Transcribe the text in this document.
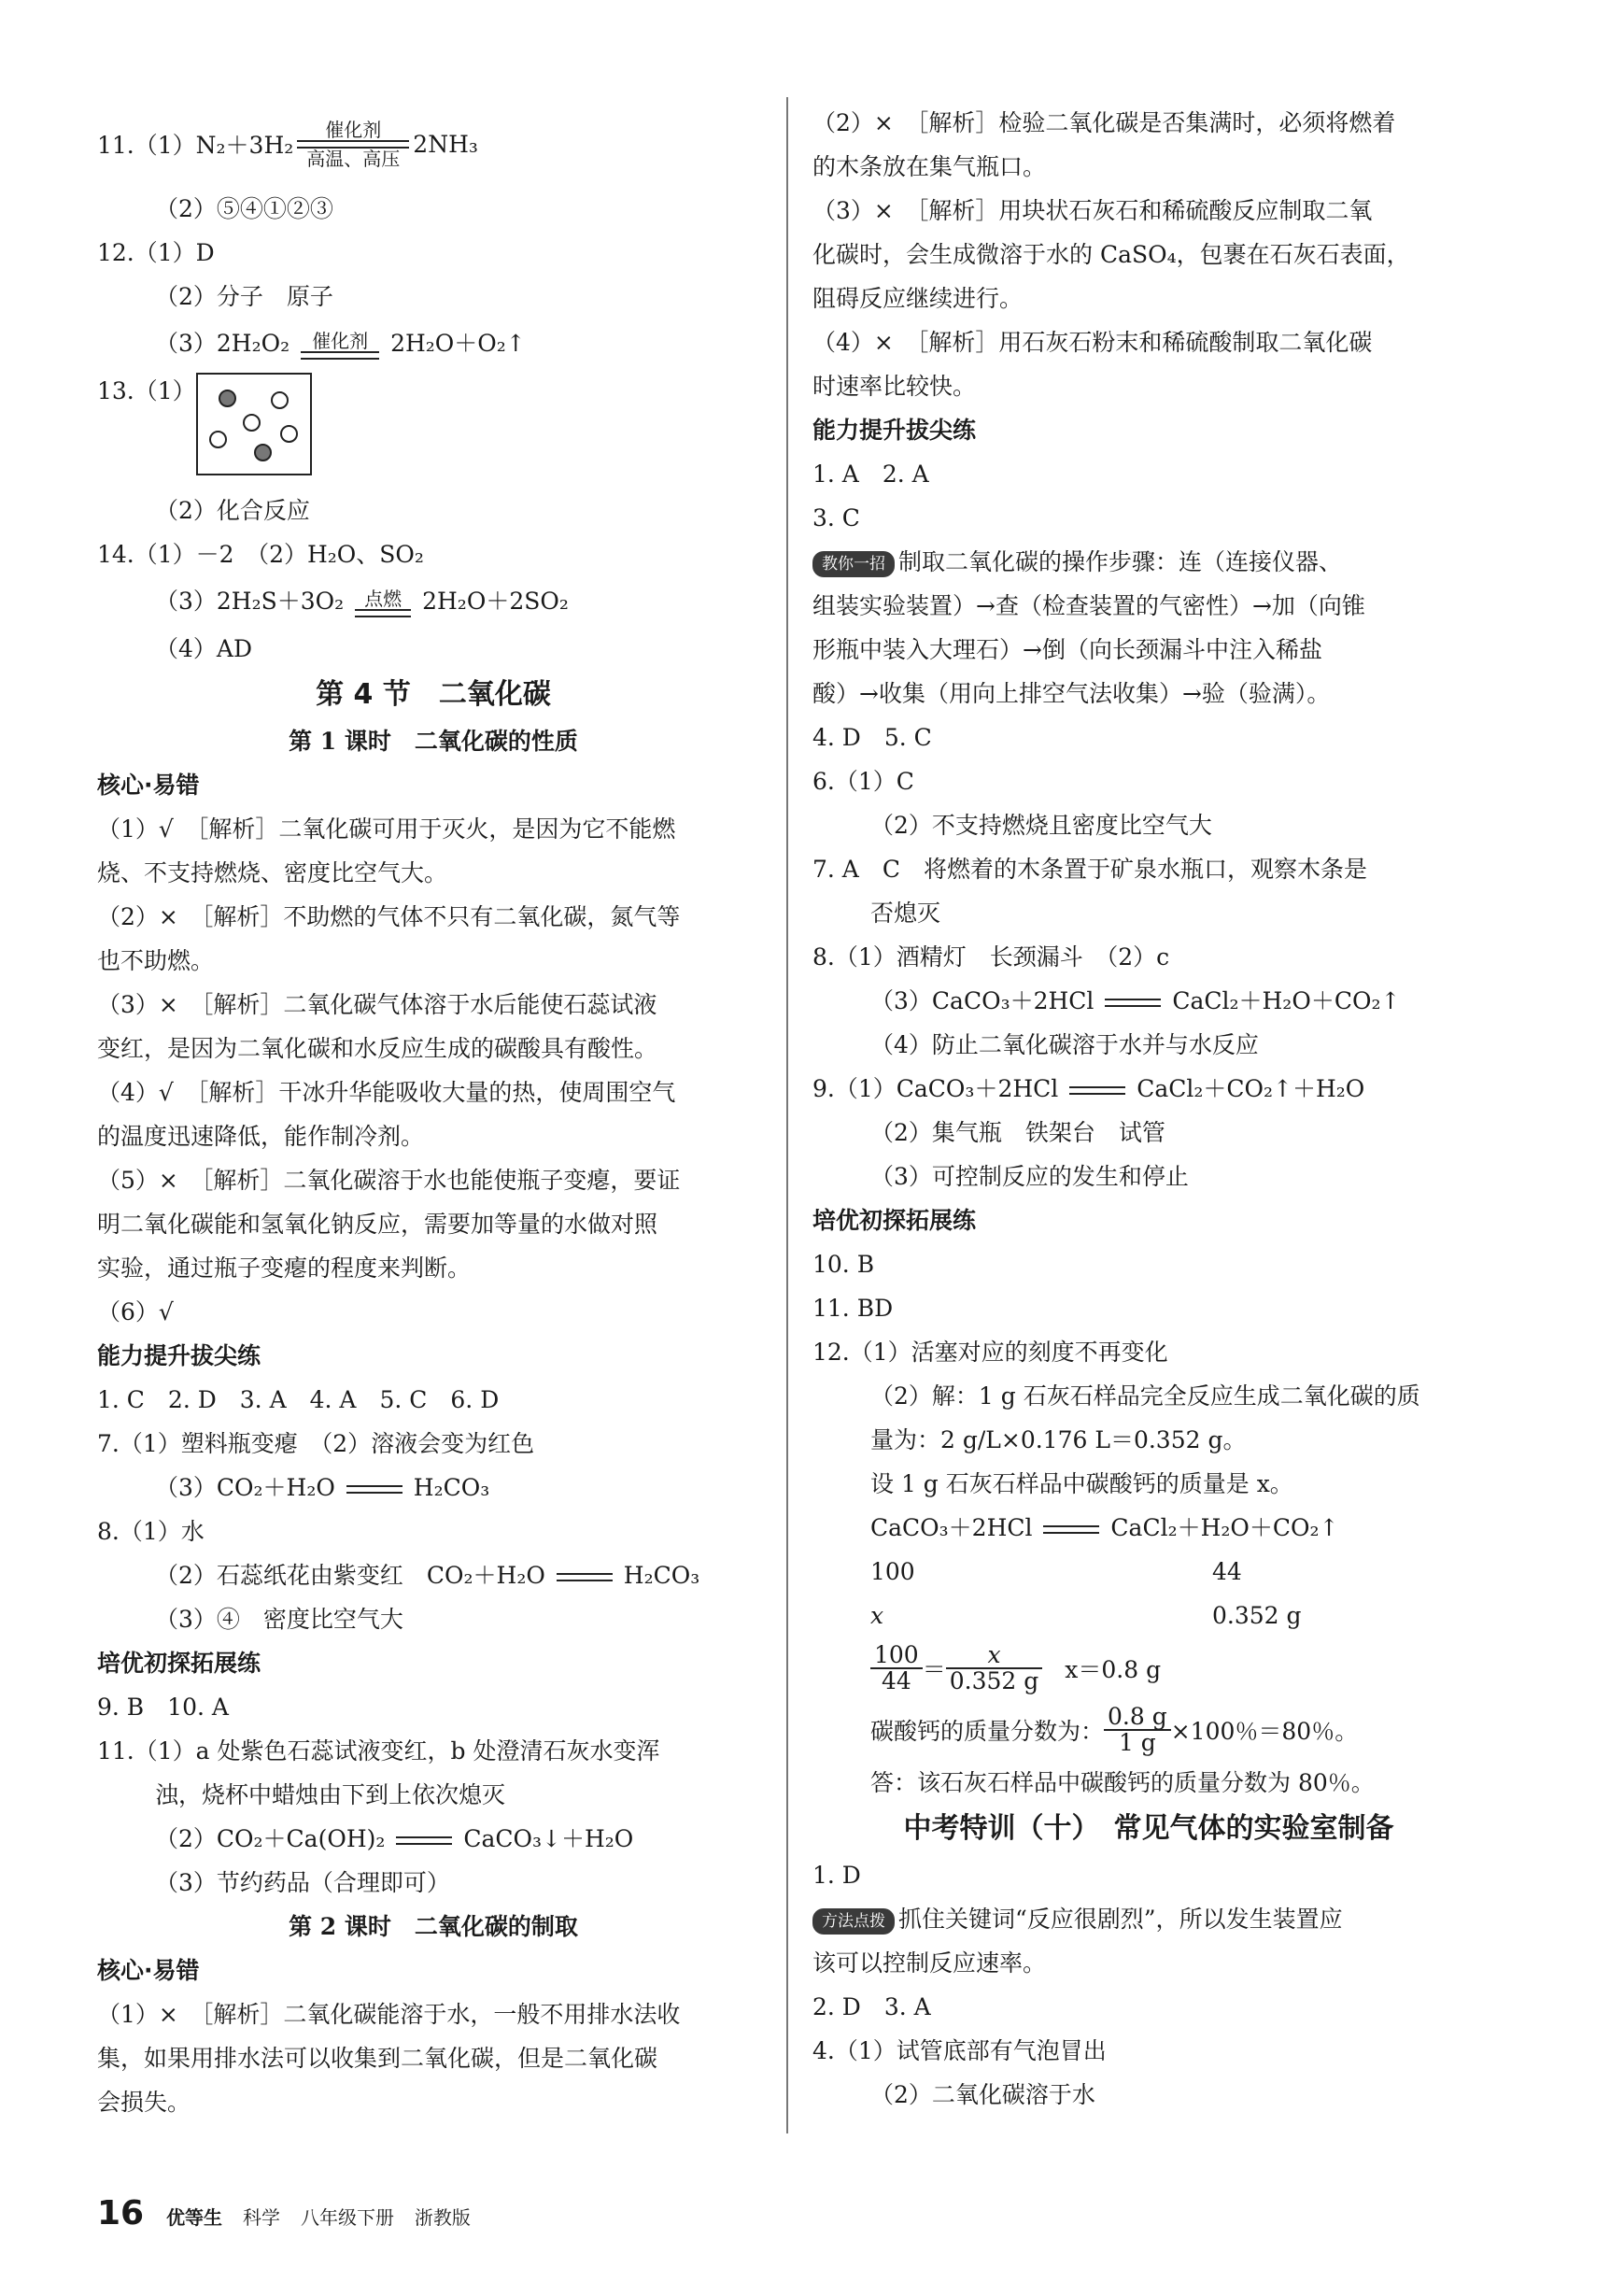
11.（1）N₂＋3H₂
催化剂
高温、高压
2NH₃
（2）⑤④①②③
12.（1）D
（2）分子　原子
（3）2H₂O₂	催化剂 2H₂O＋O₂↑
13.（1）
（2）化合反应
14.（1）－2　（2）H₂O、SO₂
（3）2H₂S＋3O₂	点燃 2H₂O＋2SO₂
（4）AD
第 4 节　二氧化碳
第 1 课时　二氧化碳的性质
核心·易错
（1）√　［解析］二氧化碳可用于灭火，是因为它不能燃
烧、不支持燃烧、密度比空气大。
（2）×　［解析］不助燃的气体不只有二氧化碳，氮气等
也不助燃。
（3）×　［解析］二氧化碳气体溶于水后能使石蕊试液
变红，是因为二氧化碳和水反应生成的碳酸具有酸性。
（4）√　［解析］干冰升华能吸收大量的热，使周围空气
的温度迅速降低，能作制冷剂。
（5）×　［解析］二氧化碳溶于水也能使瓶子变瘪，要证
明二氧化碳能和氢氧化钠反应，需要加等量的水做对照
实验，通过瓶子变瘪的程度来判断。
（6）√
能力提升拔尖练
1. C　2. D　3. A　4. A　5. C　6. D
7.（1）塑料瓶变瘪　（2）溶液会变为红色
（3）CO₂＋H₂O	H₂CO₃
8.（1）水
（2）石蕊纸花由紫变红　CO₂＋H₂O	H₂CO₃
（3）④　密度比空气大
培优初探拓展练
9. B　10. A
11.（1）a 处紫色石蕊试液变红，b 处澄清石灰水变浑
浊，烧杯中蜡烛由下到上依次熄灭
（2）CO₂＋Ca(OH)₂	CaCO₃↓＋H₂O
（3）节约药品（合理即可）
第 2 课时　二氧化碳的制取
核心·易错
（1）×　［解析］二氧化碳能溶于水，一般不用排水法收
集，如果用排水法可以收集到二氧化碳，但是二氧化碳
会损失。
（2）×　［解析］检验二氧化碳是否集满时，必须将燃着
的木条放在集气瓶口。
（3）×　［解析］用块状石灰石和稀硫酸反应制取二氧
化碳时，会生成微溶于水的 CaSO₄，包裹在石灰石表面，
阻碍反应继续进行。
（4）×　［解析］用石灰石粉末和稀硫酸制取二氧化碳
时速率比较快。
能力提升拔尖练
1. A　2. A
3. C
教你一招 制取二氧化碳的操作步骤：连（连接仪器、
组装实验装置）→查（检查装置的气密性）→加（向锥
形瓶中装入大理石）→倒（向长颈漏斗中注入稀盐
酸）→收集（用向上排空气法收集）→验（验满）。
4. D　5. C
6.（1）C
（2）不支持燃烧且密度比空气大
7. A　C　将燃着的木条置于矿泉水瓶口，观察木条是
否熄灭
8.（1）酒精灯　长颈漏斗　（2）c
（3）CaCO₃＋2HCl	CaCl₂＋H₂O＋CO₂↑
（4）防止二氧化碳溶于水并与水反应
9.（1）CaCO₃＋2HCl	CaCl₂＋CO₂↑＋H₂O
（2）集气瓶　铁架台　试管
（3）可控制反应的发生和停止
培优初探拓展练
10. B
11. BD
12.（1）活塞对应的刻度不再变化
（2）解：1 g 石灰石样品完全反应生成二氧化碳的质
量为：2 g/L×0.176 L＝0.352 g。
设 1 g 石灰石样品中碳酸钙的质量是 x。
CaCO₃＋2HCl	CaCl₂＋H₂O＋CO₂↑
100	44
x	0.352 g
$\frac{100}{44} = \frac{x}{0.352 g} x=0.8$ g
碳酸钙的质量分数为： $\frac{0.8 g}{1 g} \times 100$％＝80％。
答：该石灰石样品中碳酸钙的质量分数为 80％。
中考特训（十）　常见气体的实验室制备
1. D
方法点拨 抓住关键词“反应很剧烈”，所以发生装置应
该可以控制反应速率。
2. D　3. A
4.（1）试管底部有气泡冒出
（2）二氧化碳溶于水
16 优等生 科学 八年级下册 浙教版
